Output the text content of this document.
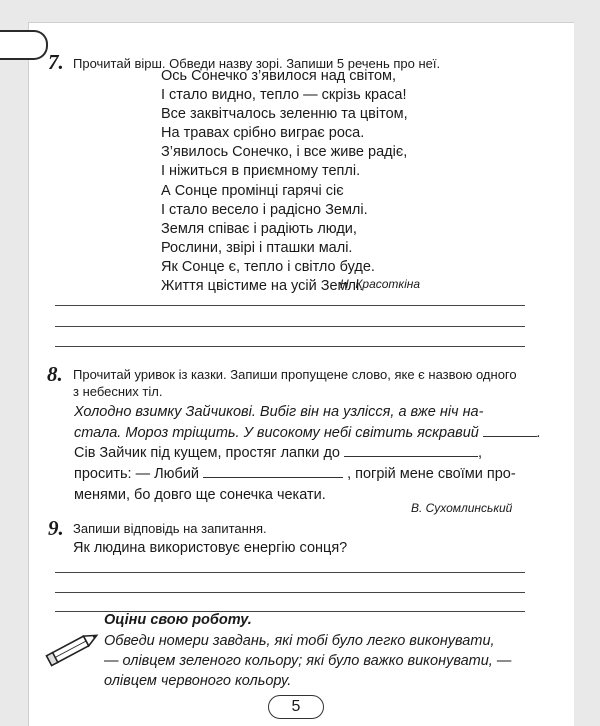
7. Прочитай вірш. Обведи назву зорі. Запиши 5 речень про неї.
Ось Сонечко з’явилося над світом,
І стало видно, тепло — скрізь краса!
Все заквітчалось зеленню та цвітом,
На травах срібно виграє роса.
З’явилось Сонечко, і все живе радіє,
І ніжиться в приємному теплі.
А Сонце промінці гарячі сіє
І стало весело і радісно Землі.
Земля співає і радіють люди,
Рослини, звірі і пташки малі.
Як Сонце є, тепло і світло буде.
Життя цвістиме на усій Землі.
Н. Красоткіна
8. Прочитай уривок із казки. Запиши пропущене слово, яке є назвою одного
з небесних тіл.
Холодно взимку Зайчикові. Вибіг він на узлісся, а вже ніч на-
стала. Мороз тріщить. У високому небі світить яскравий	.
Сів Зайчик під кущем, простяг лапки до	,
просить: — Любий	, погрій мене своїми про-
менями, бо довго ще сонечка чекати.
В. Сухомлинський
9. Запиши відповідь на запитання.
Як людина використовує енергію сонця?
Оціни свою роботу.
Обведи номери завдань, які тобі було легко виконувати,
— олівцем зеленого кольору; які було важко виконувати, —
олівцем червоного кольору.
5
